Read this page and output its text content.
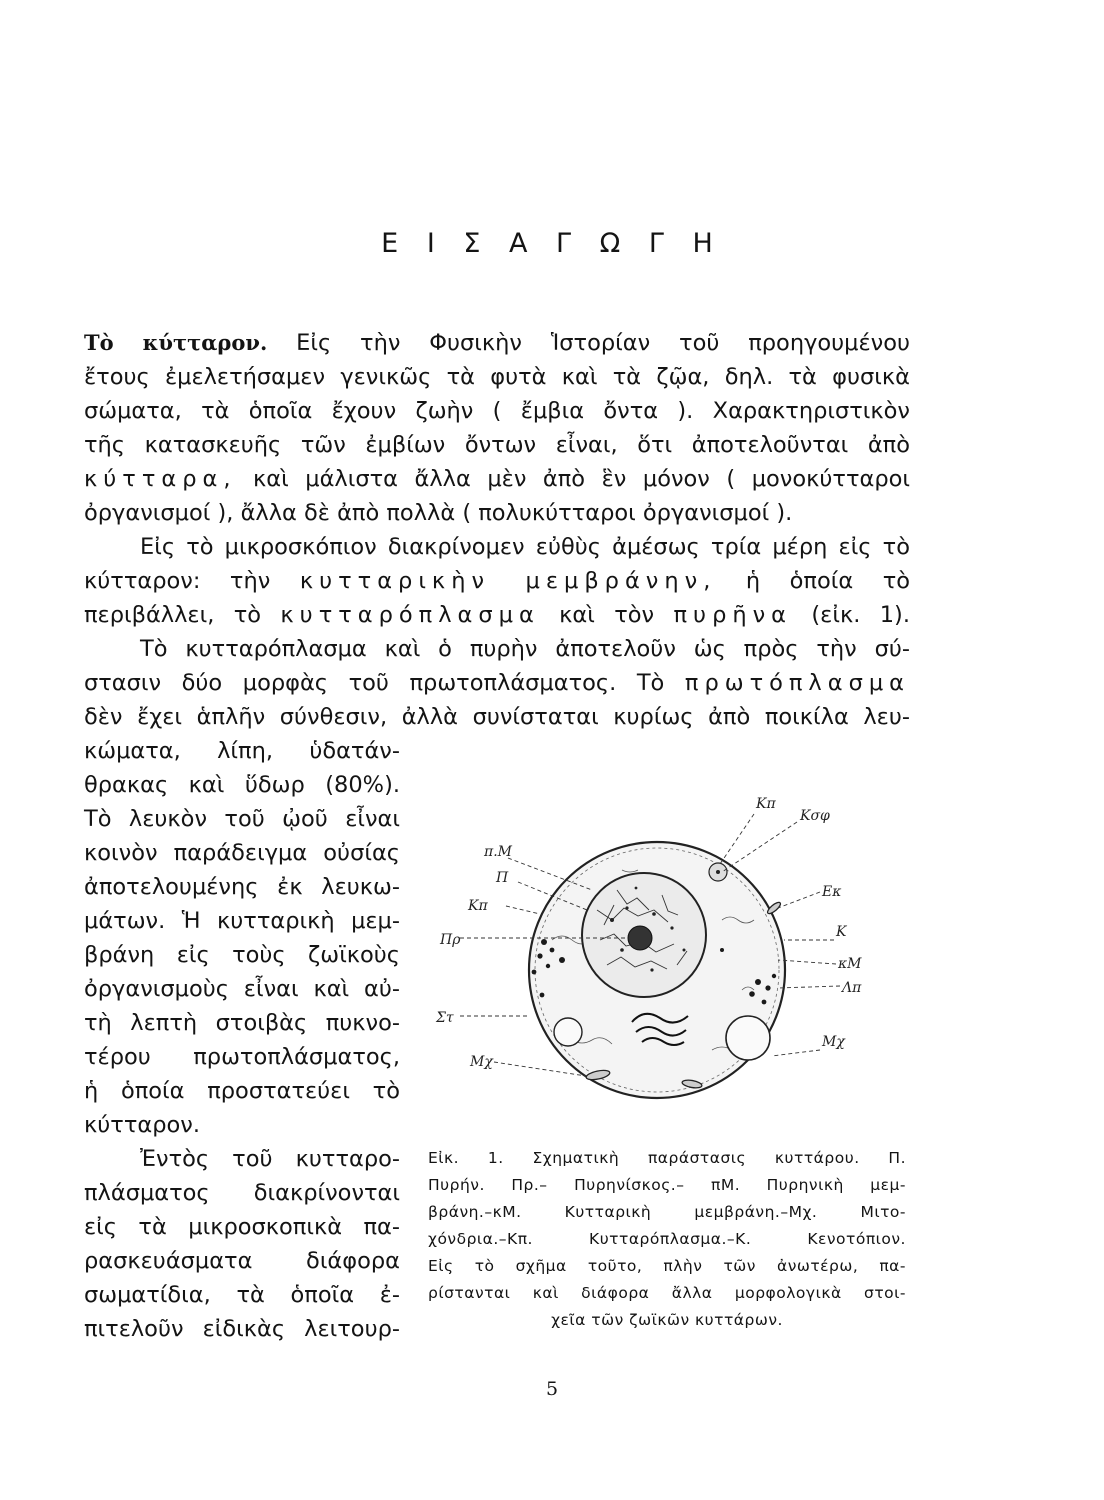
Ε Ι Σ Α Γ Ω Γ Η
Τὸ κύτταρον. Εἰς τὴν Φυσικὴν Ἱστορίαν τοῦ προηγουμένου
ἔτους ἐμελετήσαμεν γενικῶς τὰ φυτὰ καὶ τὰ ζῷα, δηλ. τὰ φυσικὰ
σώματα, τὰ ὁποῖα ἔχουν ζωὴν ( ἔμβια ὄντα ). Χαρακτηριστικὸν
τῆς κατασκευῆς τῶν ἐμβίων ὄντων εἶναι, ὅτι ἀποτελοῦνται ἀπὸ
κύτταρα, καὶ μάλιστα ἄλλα μὲν ἀπὸ ἓν μόνον ( μονοκύτταροι
ὀργανισμοί ), ἄλλα δὲ ἀπὸ πολλὰ ( πολυκύτταροι ὀργανισμοί ).
Εἰς τὸ μικροσκόπιον διακρίνομεν εὐθὺς ἀμέσως τρία μέρη εἰς τὸ
κύτταρον: τὴν κυτταρικὴν μεμβράνην, ἡ ὁποία τὸ
περιβάλλει, τὸ κυτταρόπλασμα καὶ τὸν πυρῆνα (εἰκ. 1).
Τὸ κυτταρόπλασμα καὶ ὁ πυρὴν ἀποτελοῦν ὡς πρὸς τὴν σύ-
στασιν δύο μορφὰς τοῦ πρωτοπλάσματος. Τὸ πρωτόπλασμα
δὲν ἔχει ἁπλῆν σύνθεσιν, ἀλλὰ συνίσταται κυρίως ἀπὸ ποικίλα λευ-
κώματα, λίπη, ὑδατάν-
θρακας καὶ ὕδωρ (80%).
Τὸ λευκὸν τοῦ ᾠοῦ εἶναι
κοινὸν παράδειγμα οὐσίας
ἀποτελουμένης ἐκ λευκω-
μάτων. Ἡ κυτταρικὴ μεμ-
βράνη εἰς τοὺς ζωϊκοὺς
ὀργανισμοὺς εἶναι καὶ αὐ-
τὴ λεπτὴ στοιβὰς πυκνο-
τέρου πρωτοπλάσματος,
ἡ ὁποία προστατεύει τὸ
κύτταρον.
Ἐντὸς τοῦ κυτταρο-
πλάσματος διακρίνονται
εἰς τὰ μικροσκοπικὰ πα-
ρασκευάσματα διάφορα
σωματίδια, τὰ ὁποῖα ἐ-
πιτελοῦν εἰδικὰς λειτουρ-
Κπ
Κσφ
π.Μ
Π
Εκ
Κπ
Κ
Πρ
κΜ
Λπ
Στ
Μχ
Μχ
Εἰκ. 1. Σχηματικὴ παράστασις κυττάρου. Π.
Πυρήν. Πρ.– Πυρηνίσκος.– πΜ. Πυρηνικὴ μεμ-
βράνη.–κΜ. Κυτταρικὴ μεμβράνη.–Μχ. Μιτο-
χόνδρια.–Κπ. Κυτταρόπλασμα.–Κ. Κενοτόπιον.
Εἰς τὸ σχῆμα τοῦτο, πλὴν τῶν ἀνωτέρω, πα-
ρίστανται καὶ διάφορα ἄλλα μορφολογικὰ στοι-
χεῖα τῶν ζωϊκῶν κυττάρων.
5
